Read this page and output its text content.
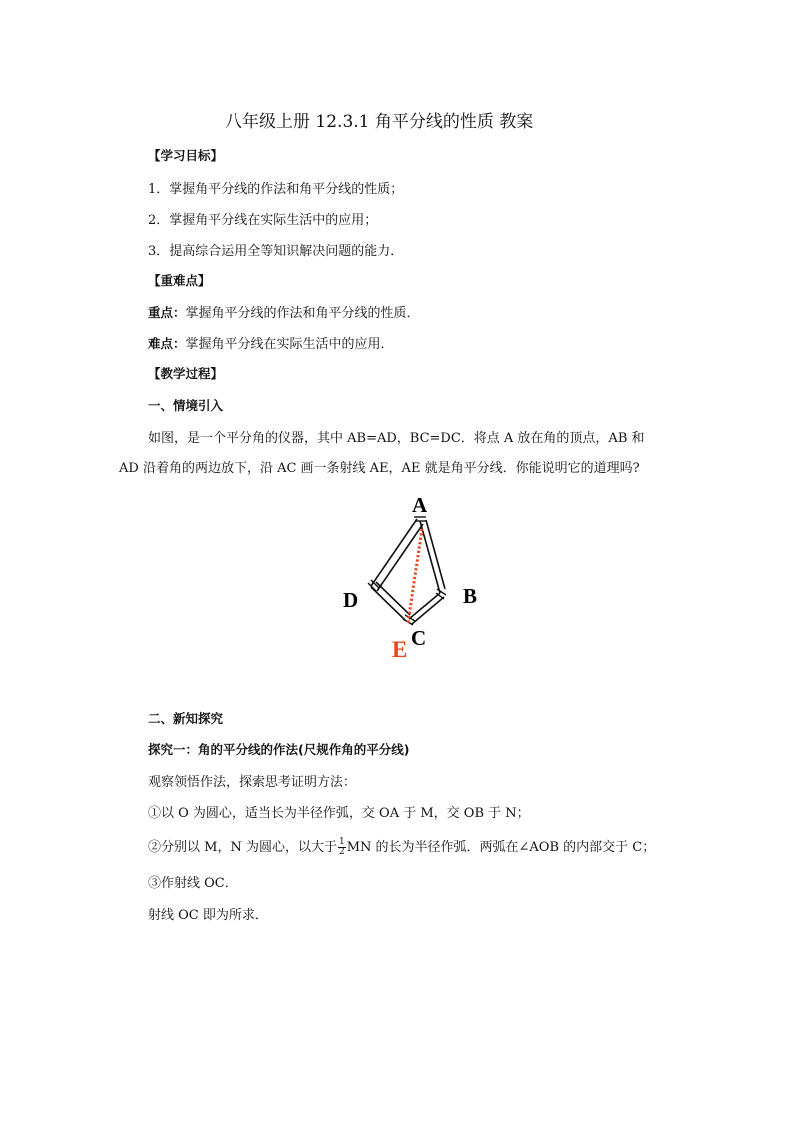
八年级上册 12.3.1 角平分线的性质 教案
【学习目标】
1．掌握角平分线的作法和角平分线的性质；
2．掌握角平分线在实际生活中的应用；
3．提高综合运用全等知识解决问题的能力．
【重难点】
重点：掌握角平分线的作法和角平分线的性质．
难点：掌握角平分线在实际生活中的应用．
【教学过程】
一、情境引入
如图，是一个平分角的仪器，其中 AB=AD，BC=DC．将点 A 放在角的顶点，AB 和
AD 沿着角的两边放下，沿 AC 画一条射线 AE，AE 就是角平分线．你能说明它的道理吗?
A
B
D
C
E
二、新知探究
探究一：角的平分线的作法(尺规作角的平分线)
观察领悟作法，探索思考证明方法：
①以 O 为圆心，适当长为半径作弧，交 OA 于 M，交 OB 于 N；
②分别以 M，N 为圆心，以大于 $\frac{1}{2}$ MN 的长为半径作弧．两弧在∠AOB 的内部交于 C；
③作射线 OC．
射线 OC 即为所求．
